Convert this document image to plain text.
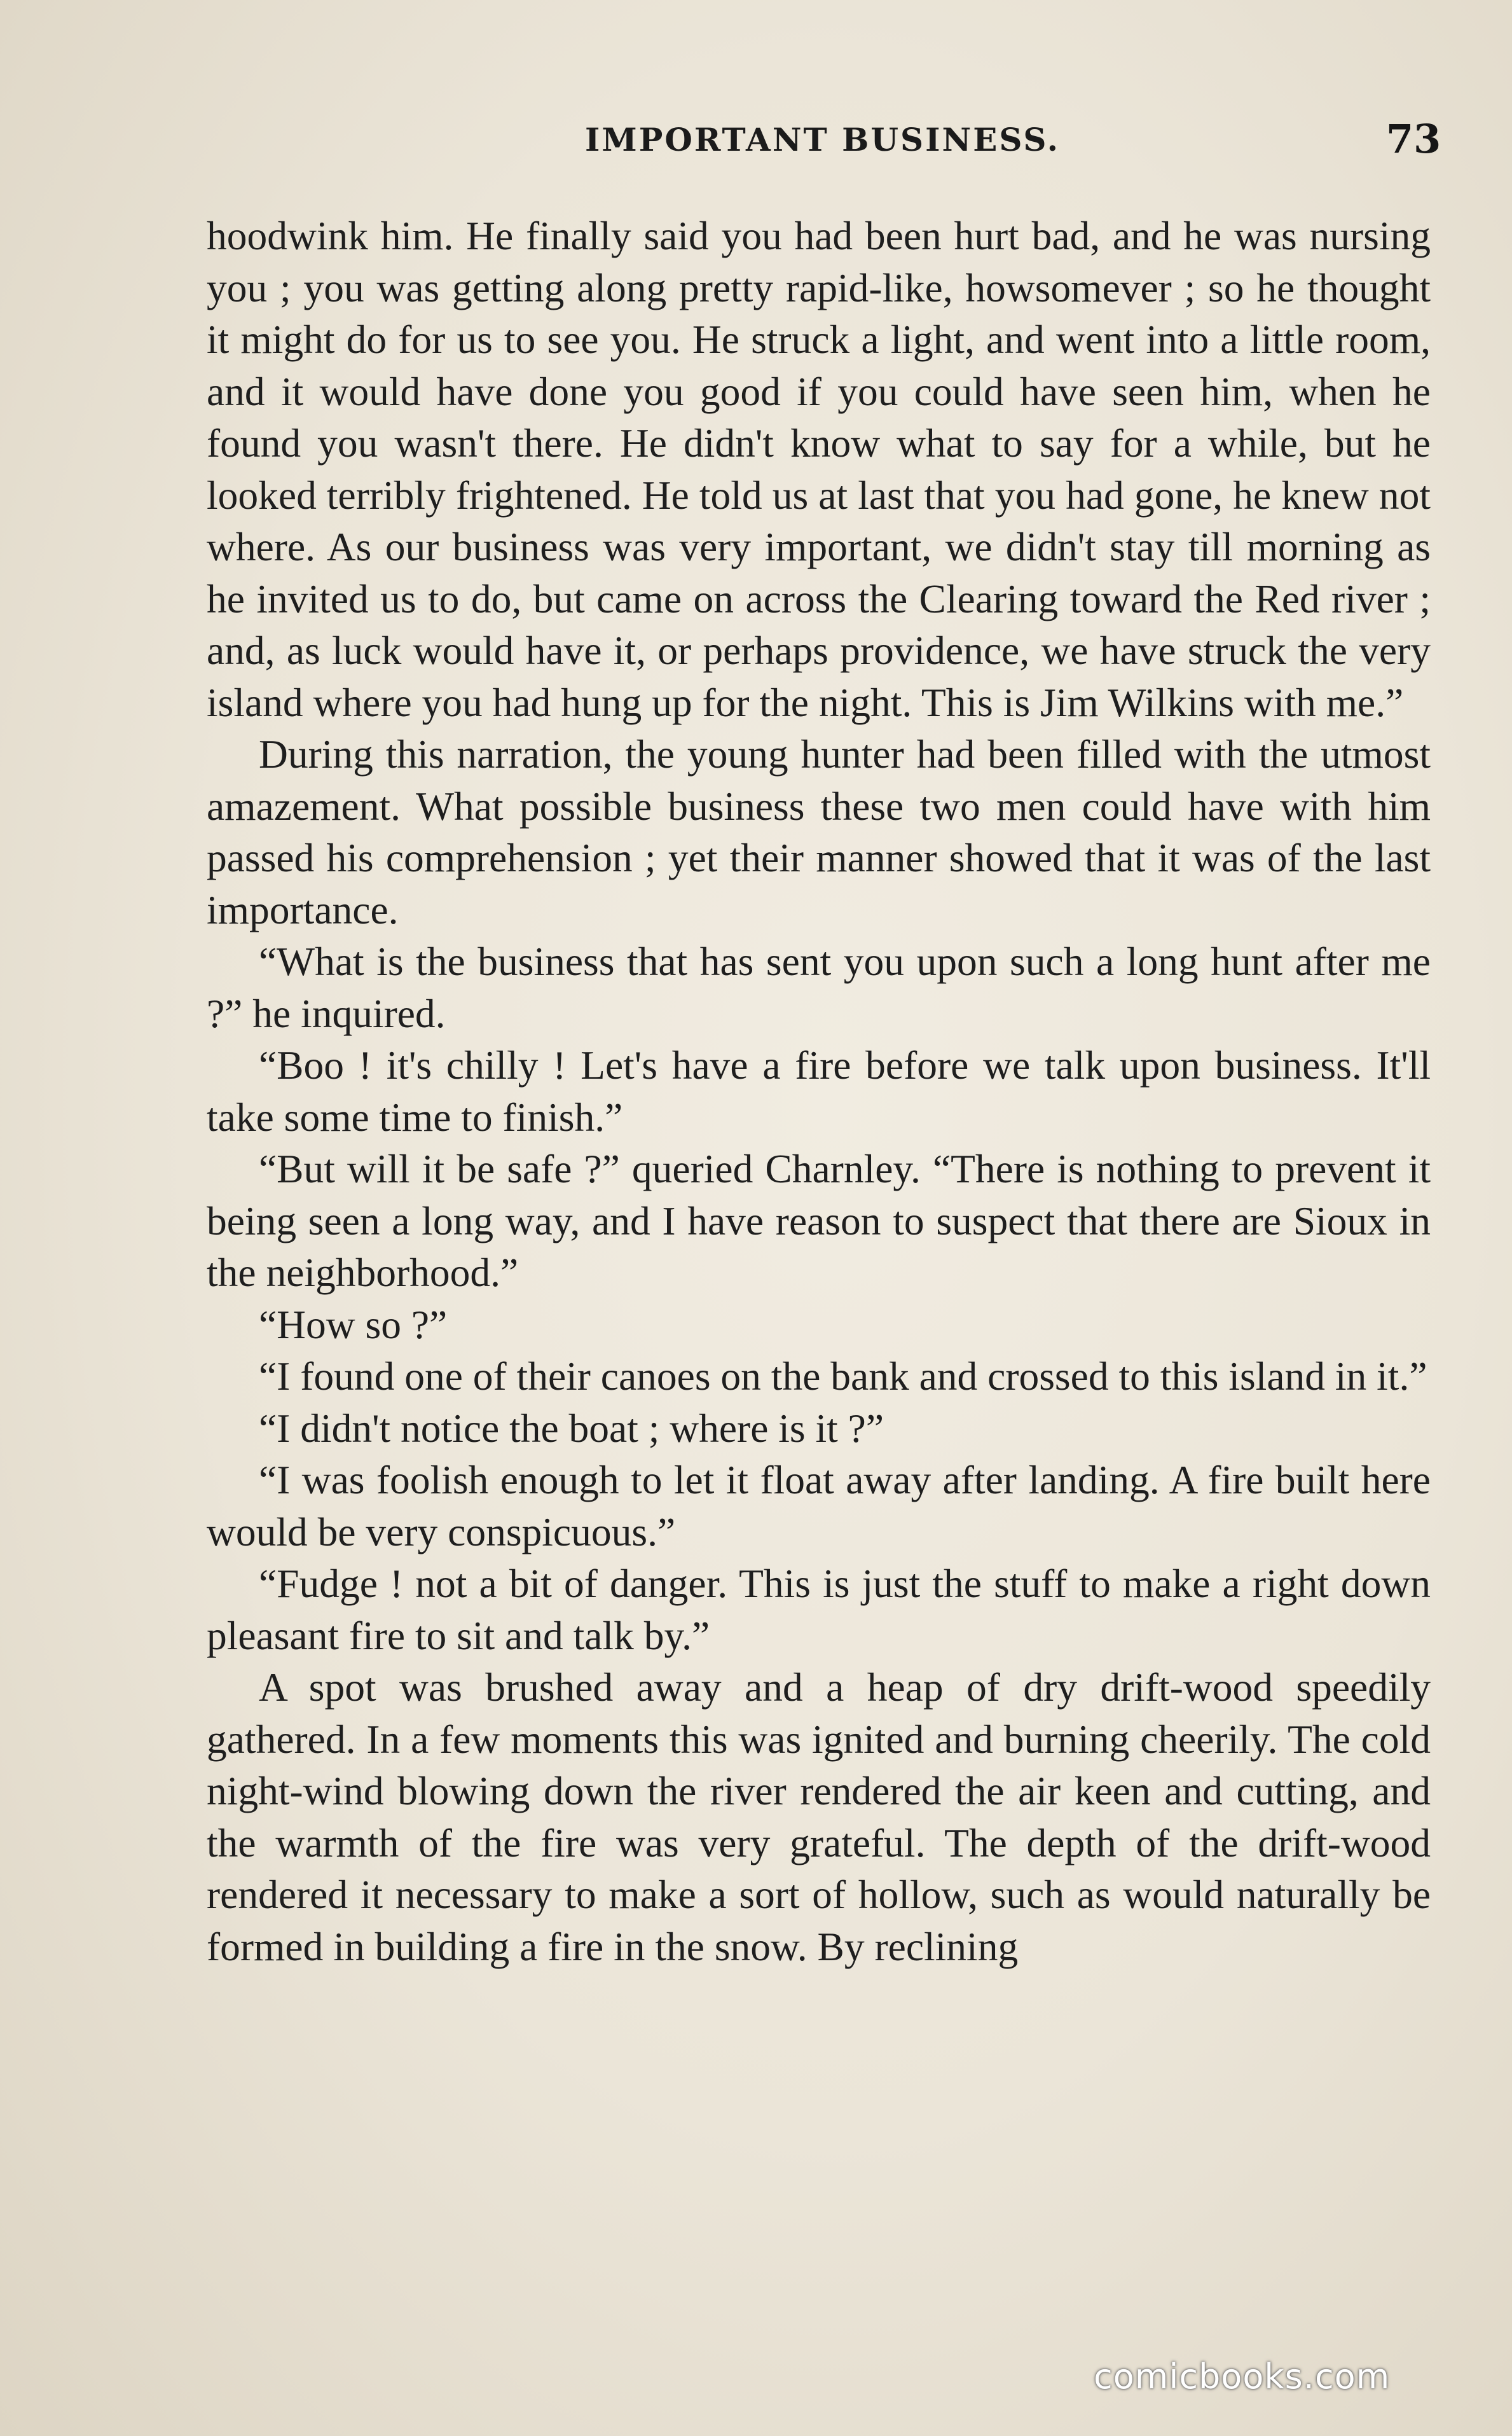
IMPORTANT BUSINESS.	73

hoodwink him. He finally said you had been hurt bad, and he was nursing you ; you was getting along pretty rapid-like, howsomever ; so he thought it might do for us to see you. He struck a light, and went into a little room, and it would have done you good if you could have seen him, when he found you wasn't there. He didn't know what to say for a while, but he looked terribly frightened. He told us at last that you had gone, he knew not where. As our business was very important, we didn't stay till morning as he invited us to do, but came on across the Clearing toward the Red river ; and, as luck would have it, or perhaps providence, we have struck the very island where you had hung up for the night. This is Jim Wilkins with me.”

During this narration, the young hunter had been filled with the utmost amazement. What possible business these two men could have with him passed his comprehension ; yet their manner showed that it was of the last importance.

“What is the business that has sent you upon such a long hunt after me ?” he inquired.

“Boo ! it's chilly ! Let's have a fire before we talk upon business. It'll take some time to finish.”

“But will it be safe ?” queried Charnley. “There is nothing to prevent it being seen a long way, and I have reason to suspect that there are Sioux in the neighborhood.”

“How so ?”

“I found one of their canoes on the bank and crossed to this island in it.”

“I didn't notice the boat ; where is it ?”

“I was foolish enough to let it float away after landing. A fire built here would be very conspicuous.”

“Fudge ! not a bit of danger. This is just the stuff to make a right down pleasant fire to sit and talk by.”

A spot was brushed away and a heap of dry drift-wood speedily gathered. In a few moments this was ignited and burning cheerily. The cold night-wind blowing down the river rendered the air keen and cutting, and the warmth of the fire was very grateful. The depth of the drift-wood rendered it necessary to make a sort of hollow, such as would naturally be formed in building a fire in the snow. By reclining

comicbooks.com
